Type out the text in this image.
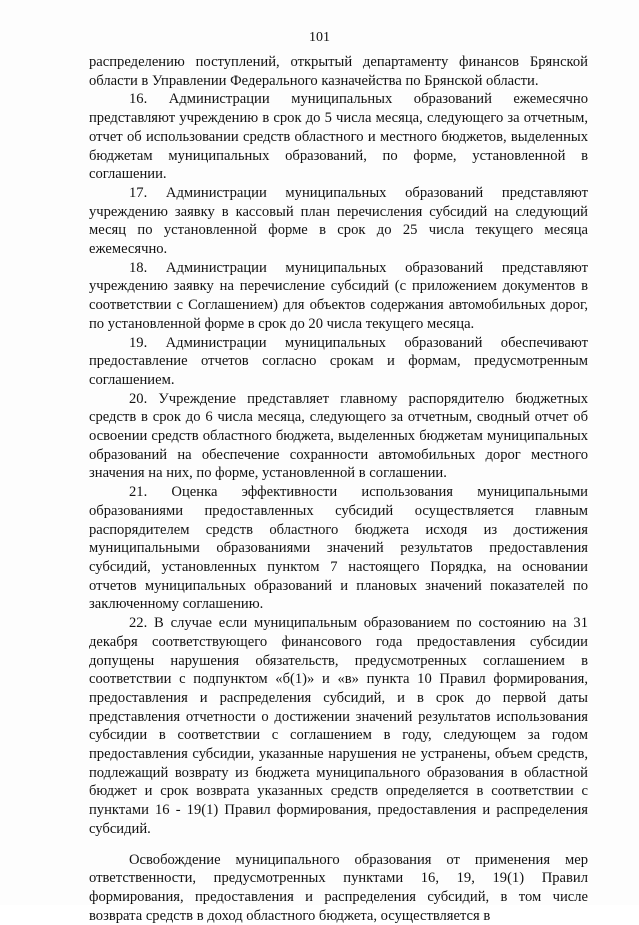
101

распределению поступлений, открытый департаменту финансов Брянской области в Управлении Федерального казначейства по Брянской области.

16. Администрации муниципальных образований ежемесячно представляют учреждению в срок до 5 числа месяца, следующего за отчетным, отчет об использовании средств областного и местного бюджетов, выделенных бюджетам муниципальных образований, по форме, установленной в соглашении.

17. Администрации муниципальных образований представляют учреждению заявку в кассовый план перечисления субсидий на следующий месяц по установленной форме в срок до 25 числа текущего месяца ежемесячно.

18. Администрации муниципальных образований представляют учреждению заявку на перечисление субсидий (с приложением документов в соответствии с Соглашением) для объектов содержания автомобильных дорог, по установленной форме в срок до 20 числа текущего месяца.

19. Администрации муниципальных образований обеспечивают предоставление отчетов согласно срокам и формам, предусмотренным соглашением.

20. Учреждение представляет главному распорядителю бюджетных средств в срок до 6 числа месяца, следующего за отчетным, сводный отчет об освоении средств областного бюджета, выделенных бюджетам муниципальных образований на обеспечение сохранности автомобильных дорог местного значения на них, по форме, установленной в соглашении.

21. Оценка эффективности использования муниципальными образованиями предоставленных субсидий осуществляется главным распорядителем средств областного бюджета исходя из достижения муниципальными образованиями значений результатов предоставления субсидий, установленных пунктом 7 настоящего Порядка, на основании отчетов муниципальных образований и плановых значений показателей по заключенному соглашению.

22. В случае если муниципальным образованием по состоянию на 31 декабря соответствующего финансового года предоставления субсидии допущены нарушения обязательств, предусмотренных соглашением в соответствии с подпунктом «б(1)» и «в» пункта 10 Правил формирования, предоставления и распределения субсидий, и в срок до первой даты представления отчетности о достижении значений результатов использования субсидии в соответствии с соглашением в году, следующем за годом предоставления субсидии, указанные нарушения не устранены, объем средств, подлежащий возврату из бюджета муниципального образования в областной бюджет и срок возврата указанных средств определяется в соответствии с пунктами 16 - 19(1) Правил формирования, предоставления и распределения субсидий.

Освобождение муниципального образования от применения мер ответственности, предусмотренных пунктами 16, 19, 19(1) Правил формирования, предоставления и распределения субсидий, в том числе возврата средств в доход областного бюджета, осуществляется в
